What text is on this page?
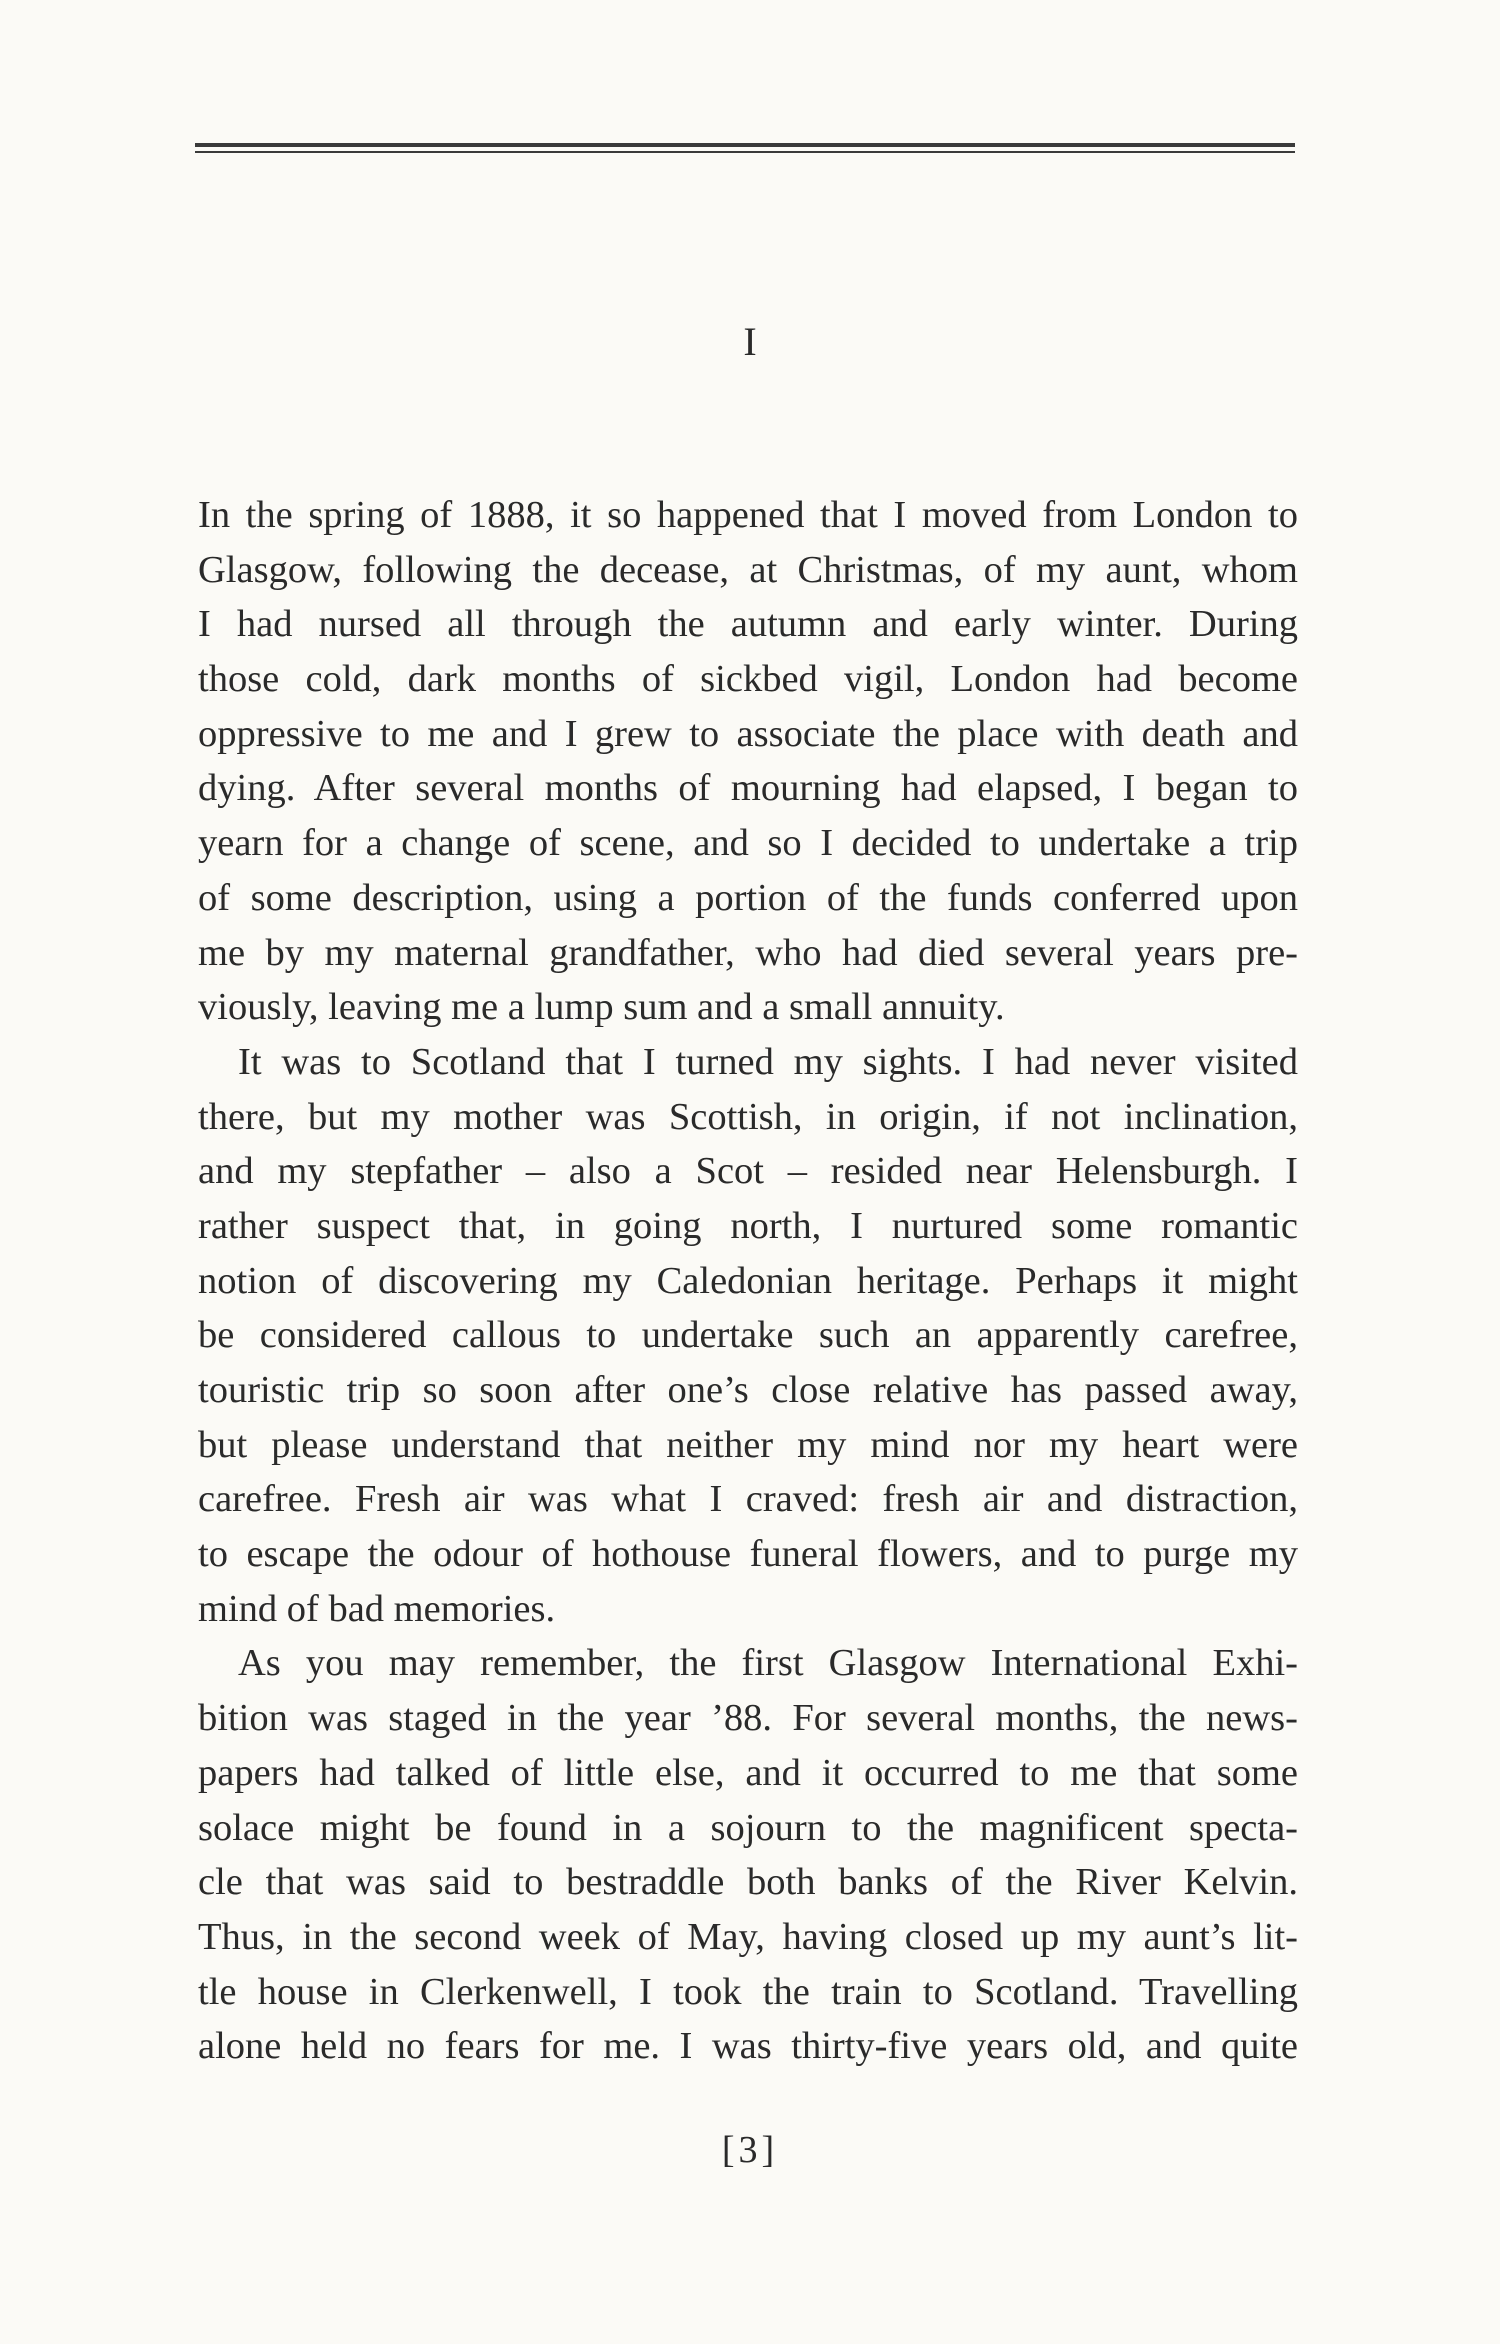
I
In the spring of 1888, it so happened that I moved from London to
Glasgow, following the decease, at Christmas, of my aunt, whom
I had nursed all through the autumn and early winter. During
those cold, dark months of sickbed vigil, London had become
oppressive to me and I grew to associate the place with death and
dying. After several months of mourning had elapsed, I began to
yearn for a change of scene, and so I decided to undertake a trip
of some description, using a portion of the funds conferred upon
me by my maternal grandfather, who had died several years pre-
viously, leaving me a lump sum and a small annuity.
It was to Scotland that I turned my sights. I had never visited
there, but my mother was Scottish, in origin, if not inclination,
and my stepfather – also a Scot – resided near Helensburgh. I
rather suspect that, in going north, I nurtured some romantic
notion of discovering my Caledonian heritage. Perhaps it might
be considered callous to undertake such an apparently carefree,
touristic trip so soon after one’s close relative has passed away,
but please understand that neither my mind nor my heart were
carefree. Fresh air was what I craved: fresh air and distraction,
to escape the odour of hothouse funeral flowers, and to purge my
mind of bad memories.
As you may remember, the first Glasgow International Exhi-
bition was staged in the year ’88. For several months, the news-
papers had talked of little else, and it occurred to me that some
solace might be found in a sojourn to the magnificent specta-
cle that was said to bestraddle both banks of the River Kelvin.
Thus, in the second week of May, having closed up my aunt’s lit-
tle house in Clerkenwell, I took the train to Scotland. Travelling
alone held no fears for me. I was thirty-five years old, and quite
[3]
